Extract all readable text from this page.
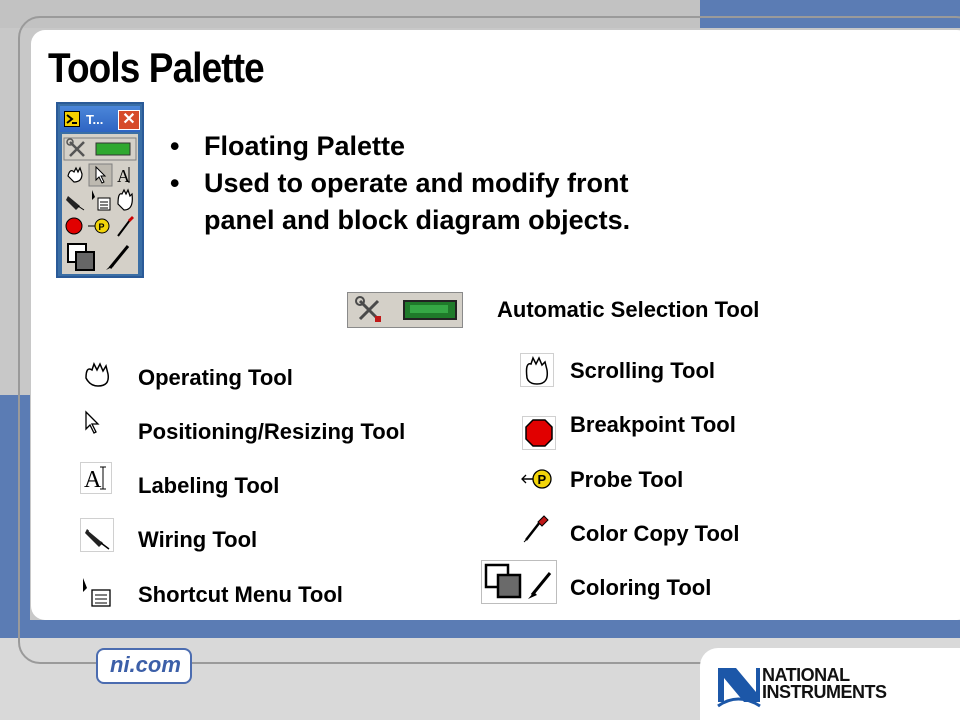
Tools Palette
T... ✕
A
P
• Floating Palette
• Used to operate and modify front panel and block diagram objects.
Automatic Selection Tool
Operating Tool
Positioning/Resizing Tool
A Labeling Tool
Wiring Tool
Shortcut Menu Tool
Scrolling Tool
Breakpoint Tool
P Probe Tool
Color Copy Tool
Coloring Tool
ni.com	NATIONAL INSTRUMENTS
